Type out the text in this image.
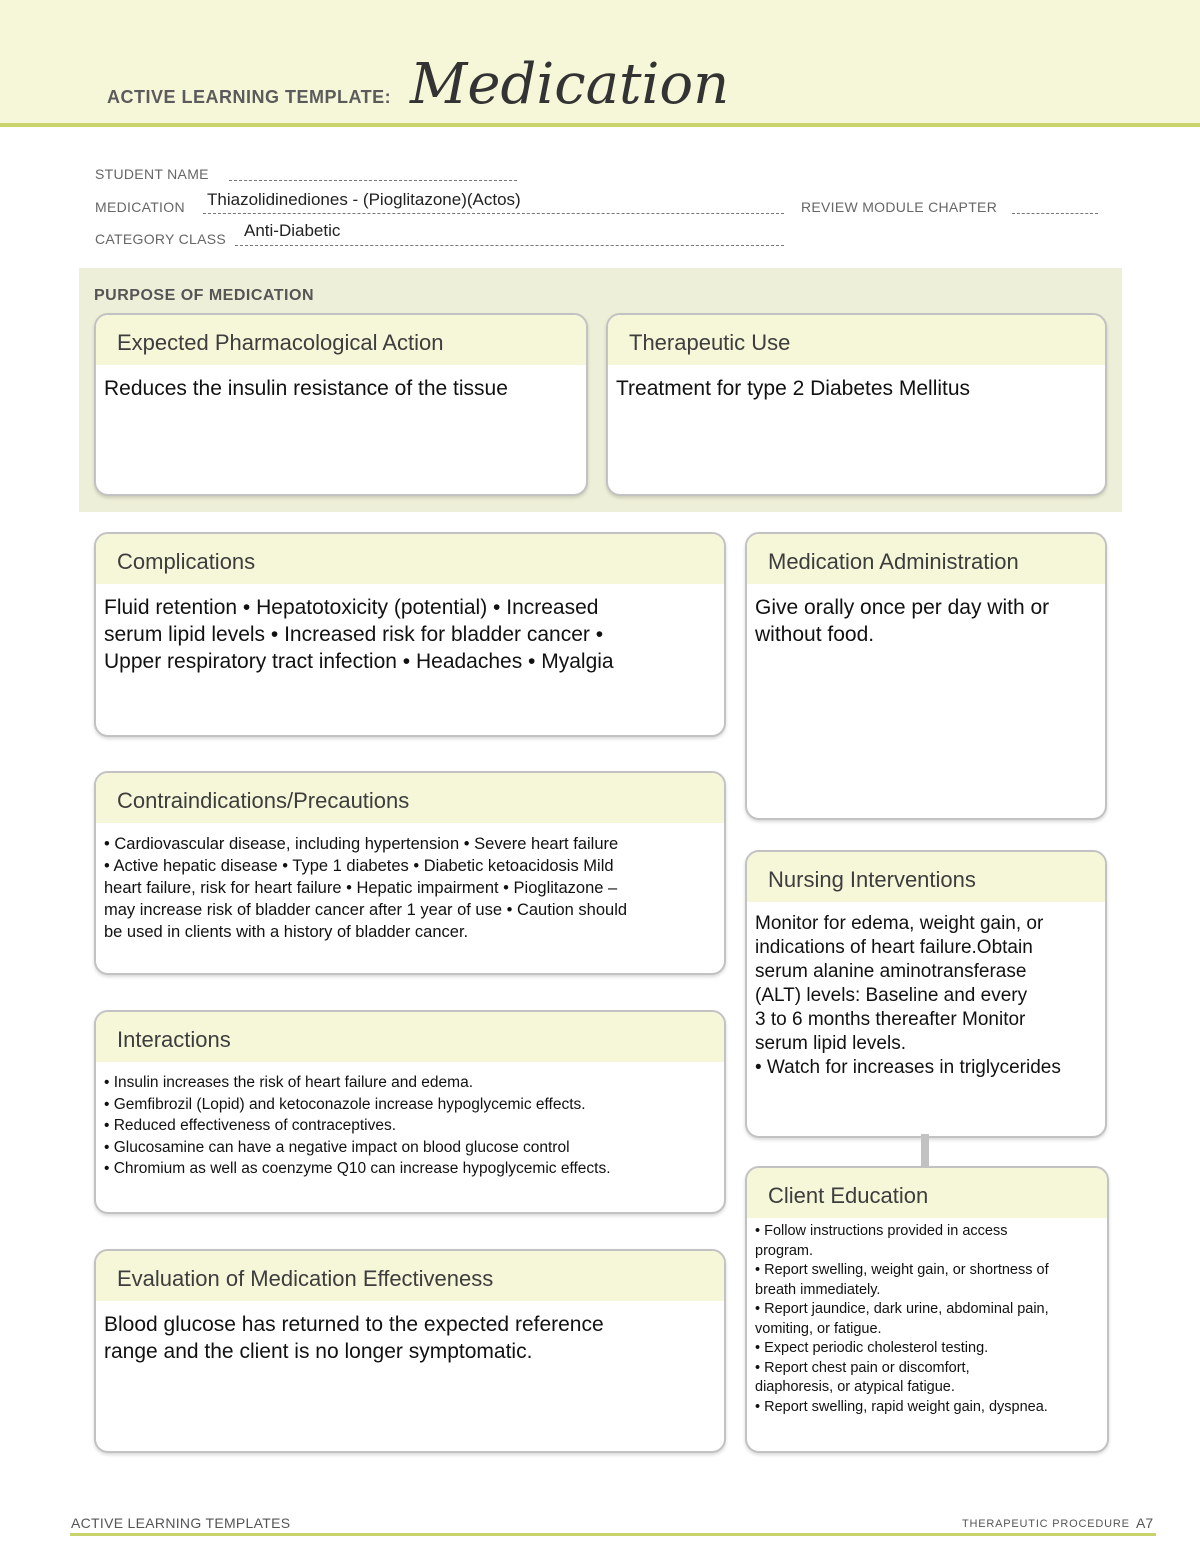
ACTIVE LEARNING TEMPLATE: Medication
STUDENT NAME
MEDICATION Thiazolidinediones - (Pioglitazone)(Actos)	REVIEW MODULE CHAPTER
CATEGORY CLASS Anti-Diabetic
PURPOSE OF MEDICATION
Expected Pharmacological Action
Reduces the insulin resistance of the tissue
Therapeutic Use
Treatment for type 2 Diabetes Mellitus
Complications
Fluid retention • Hepatotoxicity (potential) • Increased
serum lipid levels • Increased risk for bladder cancer •
Upper respiratory tract infection • Headaches • Myalgia
Medication Administration
Give orally once per day with or
without food.
Contraindications/Precautions
• Cardiovascular disease, including hypertension • Severe heart failure
• Active hepatic disease • Type 1 diabetes • Diabetic ketoacidosis Mild
heart failure, risk for heart failure • Hepatic impairment • Pioglitazone –
may increase risk of bladder cancer after 1 year of use • Caution should
be used in clients with a history of bladder cancer.
Nursing Interventions
Monitor for edema, weight gain, or
indications of heart failure.Obtain
serum alanine aminotransferase
(ALT) levels: Baseline and every
3 to 6 months thereafter Monitor
serum lipid levels.
• Watch for increases in triglycerides
Interactions
• Insulin increases the risk of heart failure and edema.
• Gemfibrozil (Lopid) and ketoconazole increase hypoglycemic effects.
• Reduced effectiveness of contraceptives.
• Glucosamine can have a negative impact on blood glucose control
• Chromium as well as coenzyme Q10 can increase hypoglycemic effects.
Client Education
• Follow instructions provided in access
program.
• Report swelling, weight gain, or shortness of
breath immediately.
• Report jaundice, dark urine, abdominal pain,
vomiting, or fatigue.
• Expect periodic cholesterol testing.
• Report chest pain or discomfort,
diaphoresis, or atypical fatigue.
• Report swelling, rapid weight gain, dyspnea.
Evaluation of Medication Effectiveness
Blood glucose has returned to the expected reference
range and the client is no longer symptomatic.
ACTIVE LEARNING TEMPLATES	THERAPEUTIC PROCEDURE A7
